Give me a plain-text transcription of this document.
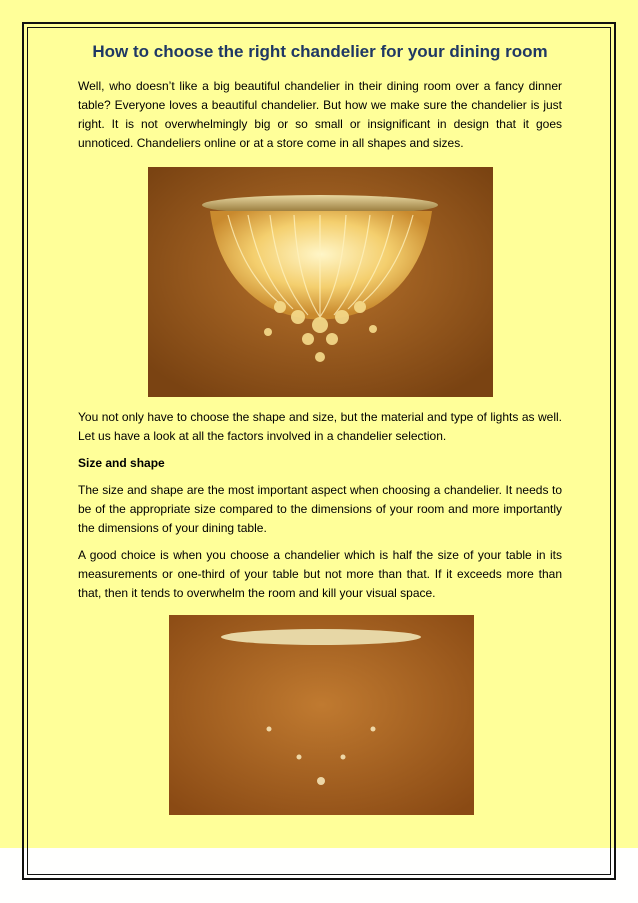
How to choose the right chandelier for your dining room

Well, who doesn’t like a big beautiful chandelier in their dining room over a fancy dinner table? Everyone loves a beautiful chandelier. But how we make sure the chandelier is just right. It is not overwhelmingly big or so small or insignificant in design that it goes unnoticed. Chandeliers online or at a store come in all shapes and sizes.

You not only have to choose the shape and size, but the material and type of lights as well. Let us have a look at all the factors involved in a chandelier selection.

Size and shape

The size and shape are the most important aspect when choosing a chandelier. It needs to be of the appropriate size compared to the dimensions of your room and more importantly the dimensions of your dining table.

A good choice is when you choose a chandelier which is half the size of your table in its measurements or one-third of your table but not more than that. If it exceeds more than that, then it tends to overwhelm the room and kill your visual space.
